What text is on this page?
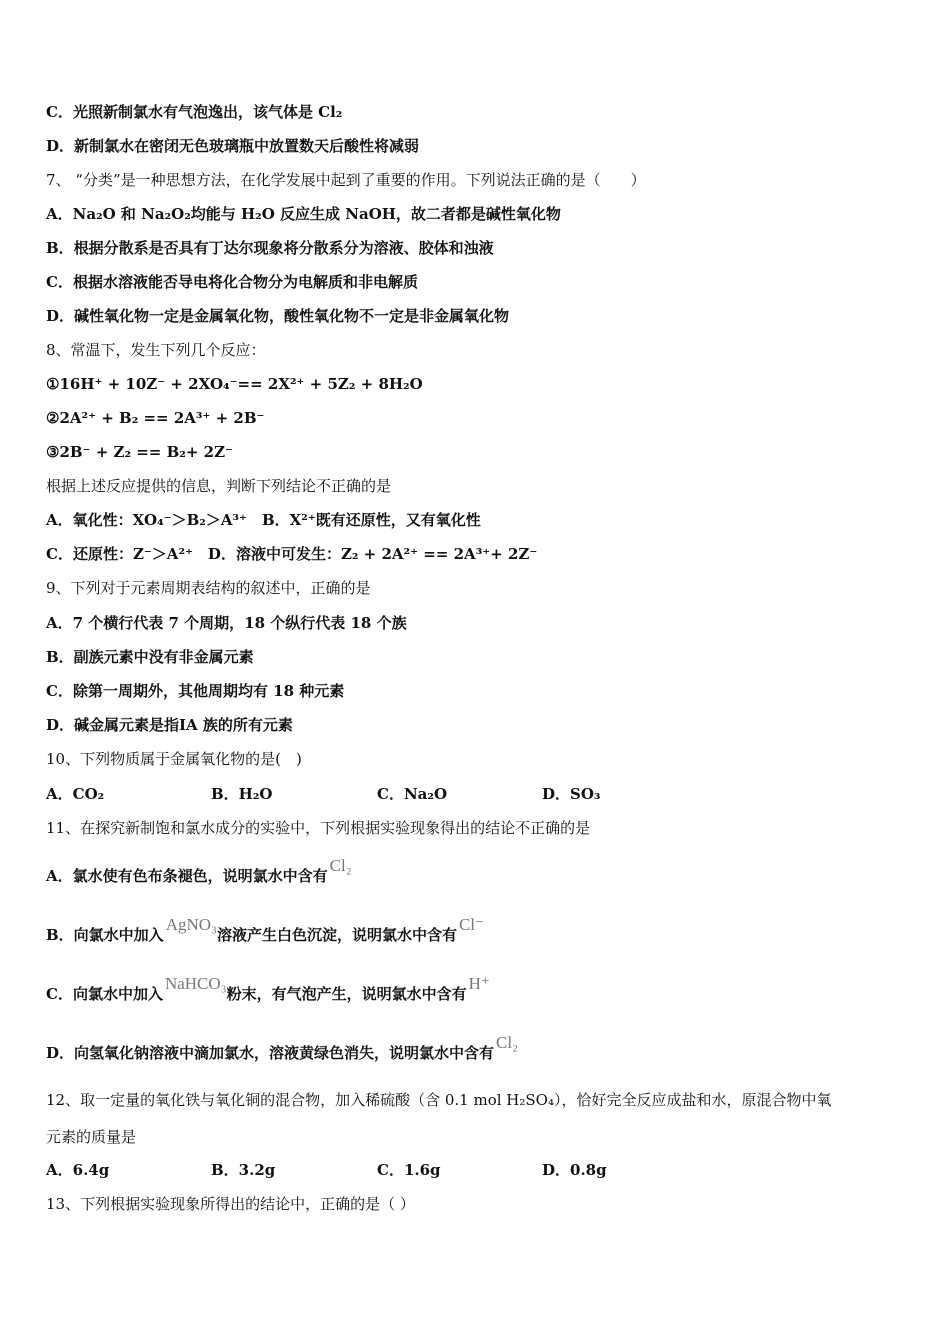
C．光照新制氯水有气泡逸出，该气体是 Cl₂
D．新制氯水在密闭无色玻璃瓶中放置数天后酸性将减弱
7、 “分类”是一种思想方法，在化学发展中起到了重要的作用。下列说法正确的是（　　）
A．Na₂O 和 Na₂O₂均能与 H₂O 反应生成 NaOH，故二者都是碱性氧化物
B．根据分散系是否具有丁达尔现象将分散系分为溶液、胶体和浊液
C．根据水溶液能否导电将化合物分为电解质和非电解质
D．碱性氧化物一定是金属氧化物，酸性氧化物不一定是非金属氧化物
8、常温下，发生下列几个反应：
①16H⁺ + 10Z⁻ + 2XO₄⁻== 2X²⁺ + 5Z₂ + 8H₂O
②2A²⁺ + B₂ == 2A³⁺ + 2B⁻
③2B⁻ + Z₂ == B₂+ 2Z⁻
根据上述反应提供的信息，判断下列结论不正确的是
A．氧化性：XO₄⁻＞B₂＞A³⁺　B．X²⁺既有还原性，又有氧化性
C．还原性：Z⁻＞A²⁺　D．溶液中可发生：Z₂ + 2A²⁺ == 2A³⁺+ 2Z⁻
9、下列对于元素周期表结构的叙述中，正确的是
A．7 个横行代表 7 个周期，18 个纵行代表 18 个族
B．副族元素中没有非金属元素
C．除第一周期外，其他周期均有 18 种元素
D．碱金属元素是指ⅠA 族的所有元素
10、下列物质属于金属氧化物的是(　)
A．CO₂	B．H₂O	C．Na₂O	D．SO₃
11、在探究新制饱和氯水成分的实验中，下列根据实验现象得出的结论不正确的是
A．氯水使有色布条褪色，说明氯水中含有Cl₂
B．向氯水中加入AgNO₃溶液产生白色沉淀，说明氯水中含有Cl⁻
C．向氯水中加入NaHCO₃粉末，有气泡产生，说明氯水中含有H⁺
D．向氢氧化钠溶液中滴加氯水，溶液黄绿色消失，说明氯水中含有Cl₂
12、取一定量的氧化铁与氧化铜的混合物，加入稀硫酸（含 0.1 mol H₂SO₄），恰好完全反应成盐和水，原混合物中氧
元素的质量是
A．6.4g	B．3.2g	C．1.6g	D．0.8g
13、下列根据实验现象所得出的结论中，正确的是（ ）
